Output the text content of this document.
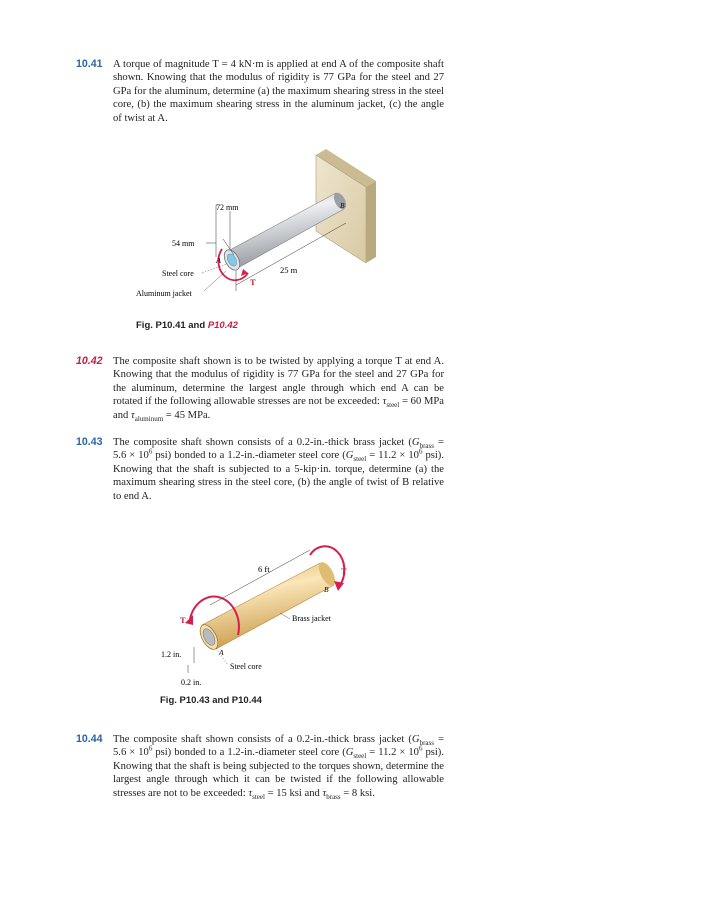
10.41 A torque of magnitude T = 4 kN·m is applied at end A of the composite shaft shown. Knowing that the modulus of rigidity is 77 GPa for the steel and 27 GPa for the aluminum, determine (a) the maximum shearing stress in the steel core, (b) the maximum shearing stress in the aluminum jacket, (c) the angle of twist at A.
T
72 mm
54 mm
A
B
Steel core
Aluminum jacket
25 m
Fig. P10.41 and P10.42
10.42 The composite shaft shown is to be twisted by applying a torque T at end A. Knowing that the modulus of rigidity is 77 GPa for the steel and 27 GPa for the aluminum, determine the largest angle through which end A can be rotated if the following allowable stresses are not be exceeded: $\tau_{steel} = 60$ MPa and $\tau_{aluminum} = 45$ MPa.
10.43 The composite shaft shown consists of a 0.2-in.-thick brass jacket ($G_{brass} = 5.6 \times 10^6$ psi) bonded to a 1.2-in.-diameter steel core ($G_{steel} = 11.2 \times 10^6$ psi). Knowing that the shaft is subjected to a 5-kip·in. torque, determine (a) the maximum shearing stress in the steel core, (b) the angle of twist of B relative to end A.
T
T
B
A
6 ft
Brass jacket
Steel core
1.2 in.
0.2 in.
Fig. P10.43 and P10.44
10.44 The composite shaft shown consists of a 0.2-in.-thick brass jacket ($G_{brass} = 5.6 \times 10^6$ psi) bonded to a 1.2-in.-diameter steel core ($G_{steel} = 11.2 \times 10^6$ psi). Knowing that the shaft is being subjected to the torques shown, determine the largest angle through which it can be twisted if the following allowable stresses are not to be exceeded: $\tau_{steel} = 15$ ksi and $\tau_{brass} = 8$ ksi.
